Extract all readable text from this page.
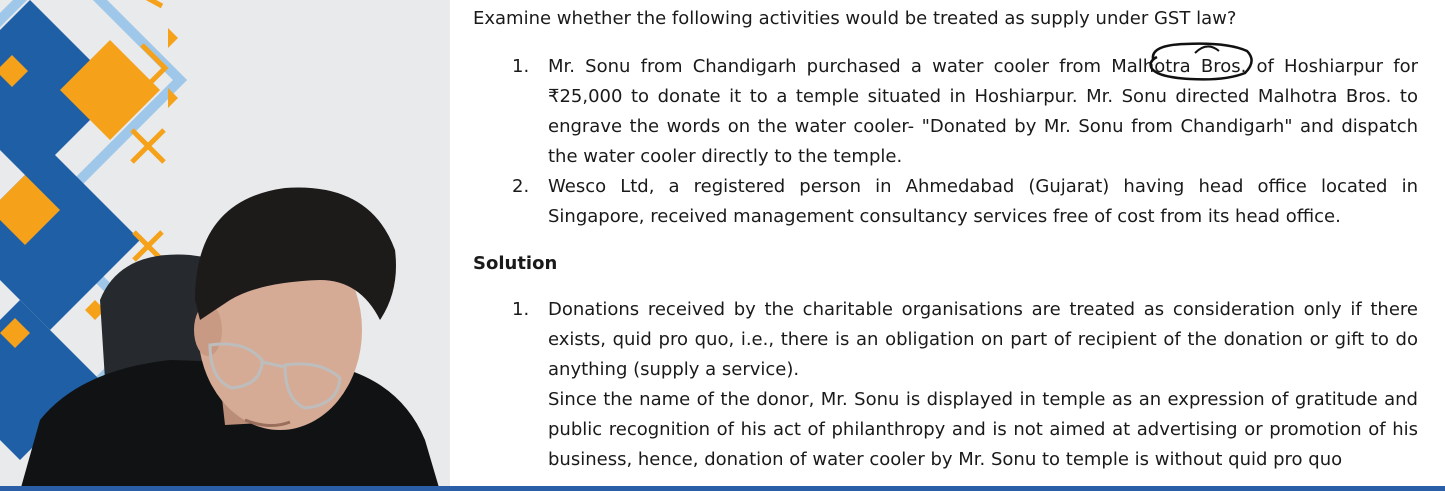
Examine whether the following activities would be treated as supply under GST law?

1. Mr. Sonu from Chandigarh purchased a water cooler from Malhotra Bros. of Hoshiarpur for ₹25,000 to donate it to a temple situated in Hoshiarpur. Mr. Sonu directed Malhotra Bros. to engrave the words on the water cooler- "Donated by Mr. Sonu from Chandigarh" and dispatch the water cooler directly to the temple.

2. Wesco Ltd, a registered person in Ahmedabad (Gujarat) having head office located in Singapore, received management consultancy services free of cost from its head office.

Solution

1. Donations received by the charitable organisations are treated as consideration only if there exists, quid pro quo, i.e., there is an obligation on part of recipient of the donation or gift to do anything (supply a service).

Since the name of the donor, Mr. Sonu is displayed in temple as an expression of gratitude and public recognition of his act of philanthropy and is not aimed at advertising or promotion of his business, hence, donation of water cooler by Mr. Sonu to temple is without quid pro quo
